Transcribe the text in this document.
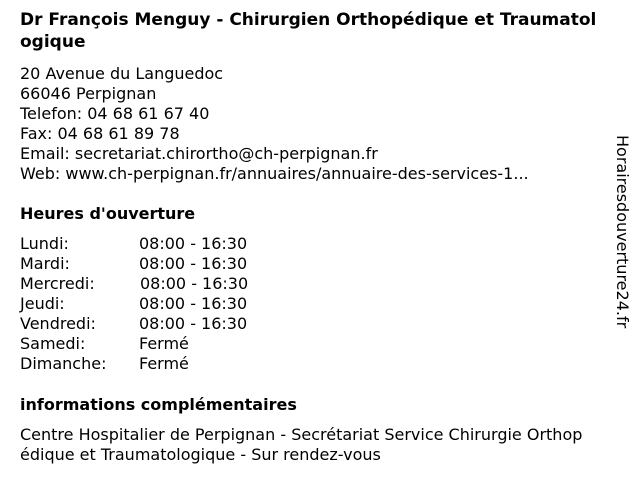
Dr François Menguy - Chirurgien Orthopédique et Traumatologique
20 Avenue du Languedoc
66046 Perpignan
Telefon: 04 68 61 67 40
Fax: 04 68 61 89 78
Email: secretariat.chirortho@ch-perpignan.fr
Web: www.ch-perpignan.fr/annuaires/annuaire-des-services-1...
Heures d'ouverture
Lundi:	08:00 - 16:30
Mardi:	08:00 - 16:30
Mercredi:	08:00 - 16:30
Jeudi:	08:00 - 16:30
Vendredi:	08:00 - 16:30
Samedi:	Fermé
Dimanche: Fermé
informations complémentaires
Centre Hospitalier de Perpignan - Secrétariat Service Chirurgie Orthopédique et Traumatologique - Sur rendez-vous
Horairesdouverture24.fr
